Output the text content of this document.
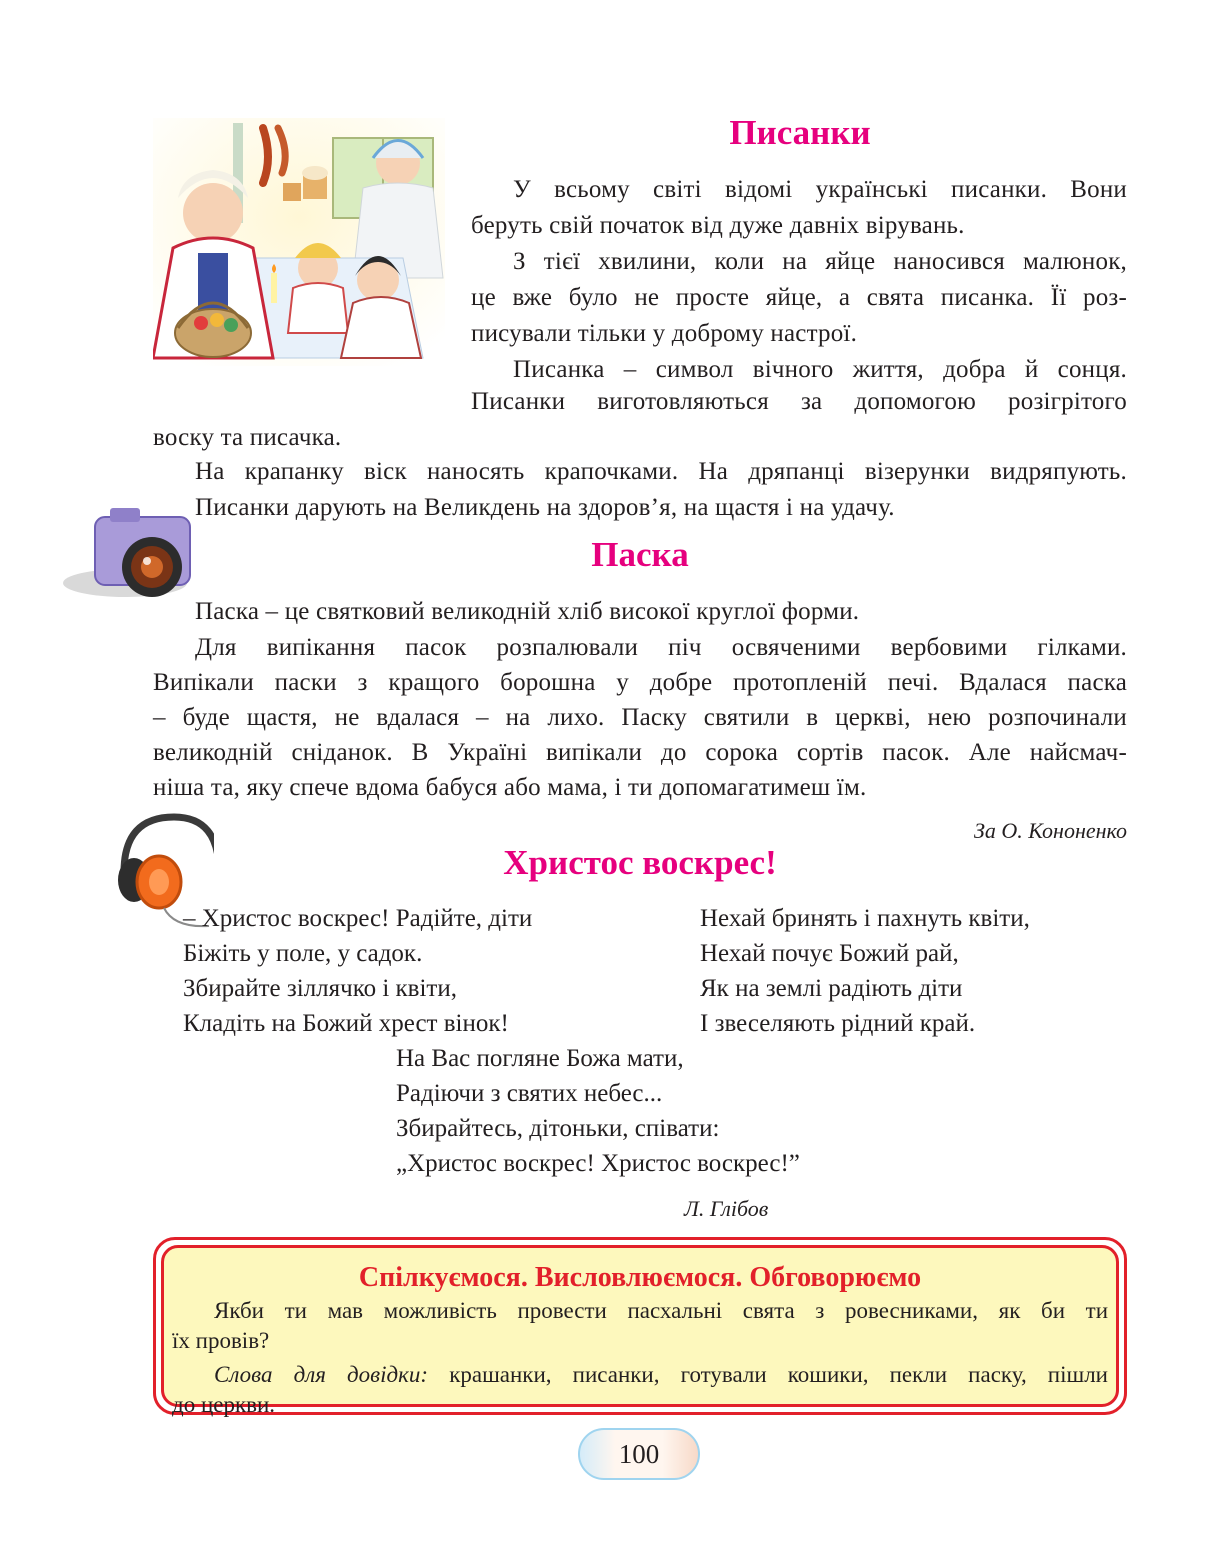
Писанки
У всьому світі відомі українські писанки. Вони
беруть свій початок від дуже давніх вірувань.
З тієї хвилини, коли на яйце наносився малюнок,
це вже було не просте яйце, а свята писанка. Її роз-
писували тільки у доброму настрої.
Писанка – символ вічного життя, добра й сонця.
Писанки виготовляються за допомогою розігрітого
воску та писачка.
На крапанку віск наносять крапочками. На дряпанці візерунки видряпують.
Писанки дарують на Великдень на здоров’я, на щастя і на удачу.
Паска
Паска – це святковий великодній хліб високої круглої форми.
Для випікання пасок розпалювали піч освяченими вербовими гілками.
Випікали паски з кращого борошна у добре протопленій печі. Вдалася паска
– буде щастя, не вдалася – на лихо. Паску святили в церкві, нею розпочинали
великодній сніданок. В Україні випікали до сорока сортів пасок. Але найсмач-
ніша та, яку спече вдома бабуся або мама, і ти допомагатимеш їм.
За О. Кононенко
Христос воскрес!
– Христос воскрес! Радійте, діти
Біжіть у поле, у садок.
Збирайте зіллячко і квіти,
Кладіть на Божий хрест вінок!
Нехай бринять і пахнуть квіти,
Нехай почує Божий рай,
Як на землі радіють діти
І звеселяють рідний край.
На Вас погляне Божа мати,
Радіючи з святих небес...
Збирайтесь, дітоньки, співати:
„Христос воскрес! Христос воскрес!”
Л. Глібов
Спілкуємося. Висловлюємося. Обговорюємо
Якби ти мав можливість провести пасхальні свята з ровесниками, як би ти
їх провів?
Слова для довідки: крашанки, писанки, готували кошики, пекли паску, пішли
до церкви.
100
